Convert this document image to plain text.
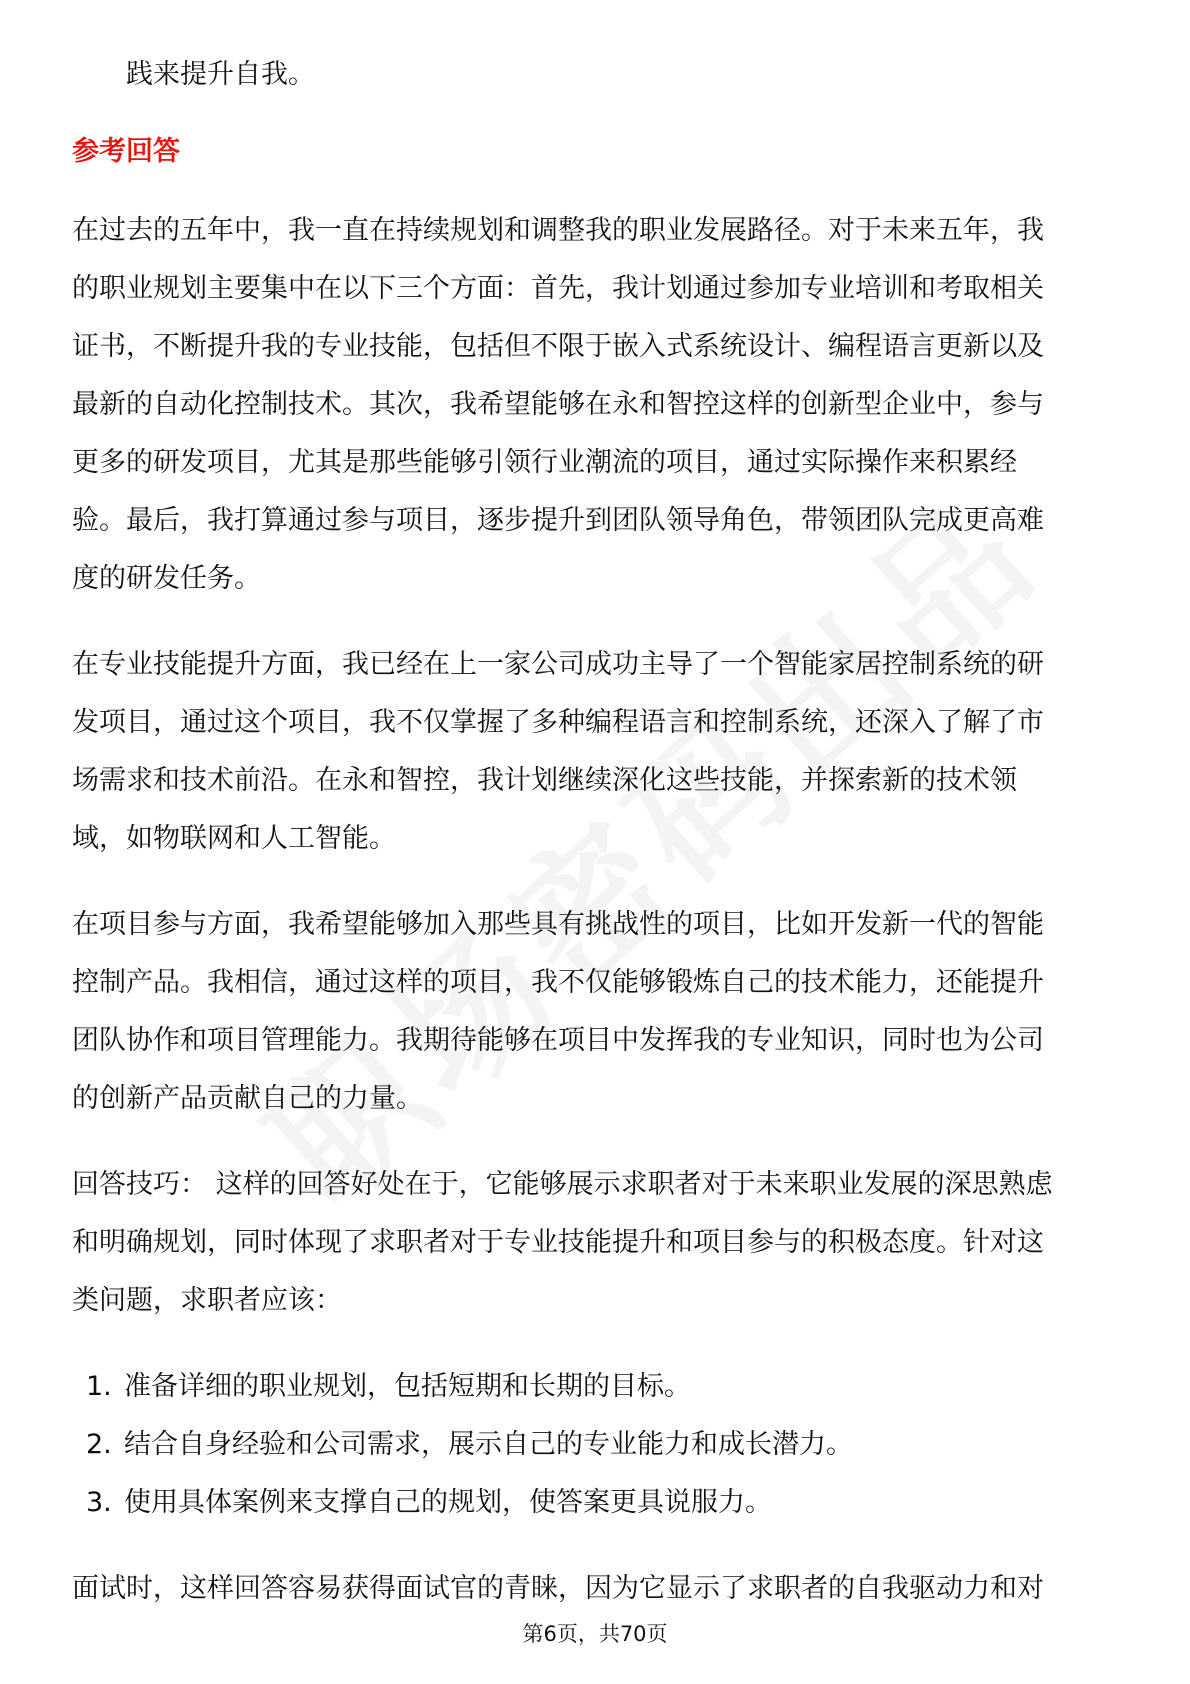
践来提升自我。
参考回答
在过去的五年中，我一直在持续规划和调整我的职业发展路径。对于未来五年，我
的职业规划主要集中在以下三个方面：首先，我计划通过参加专业培训和考取相关
证书，不断提升我的专业技能，包括但不限于嵌入式系统设计、编程语言更新以及
最新的自动化控制技术。其次，我希望能够在永和智控这样的创新型企业中，参与
更多的研发项目，尤其是那些能够引领行业潮流的项目，通过实际操作来积累经
验。最后，我打算通过参与项目，逐步提升到团队领导角色，带领团队完成更高难
度的研发任务。
在专业技能提升方面，我已经在上一家公司成功主导了一个智能家居控制系统的研
发项目，通过这个项目，我不仅掌握了多种编程语言和控制系统，还深入了解了市
场需求和技术前沿。在永和智控，我计划继续深化这些技能，并探索新的技术领
域，如物联网和人工智能。
在项目参与方面，我希望能够加入那些具有挑战性的项目，比如开发新一代的智能
控制产品。我相信，通过这样的项目，我不仅能够锻炼自己的技术能力，还能提升
团队协作和项目管理能力。我期待能够在项目中发挥我的专业知识，同时也为公司
的创新产品贡献自己的力量。
回答技巧： 这样的回答好处在于，它能够展示求职者对于未来职业发展的深思熟虑
和明确规划，同时体现了求职者对于专业技能提升和项目参与的积极态度。针对这
类问题，求职者应该：
1. 准备详细的职业规划，包括短期和长期的目标。
2. 结合自身经验和公司需求，展示自己的专业能力和成长潜力。
3. 使用具体案例来支撑自己的规划，使答案更具说服力。
面试时，这样回答容易获得面试官的青睐，因为它显示了求职者的自我驱动力和对
第6页，共70页
